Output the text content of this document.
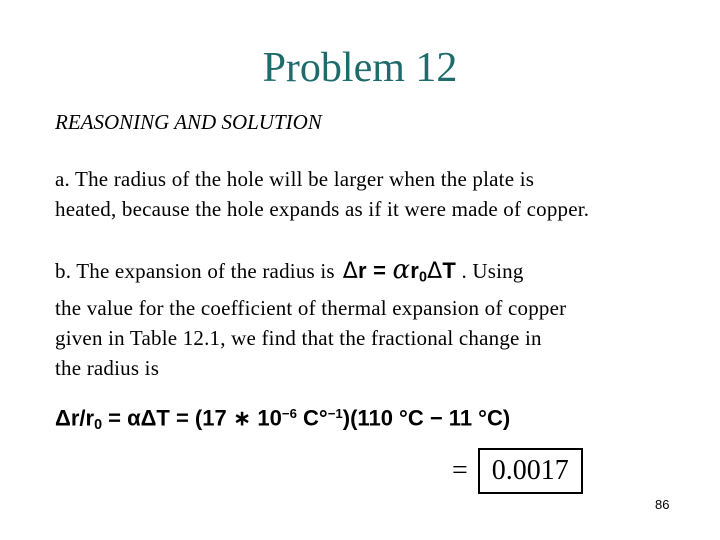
Problem 12
REASONING AND SOLUTION
a. The radius of the hole will be larger when the plate is
heated, because the hole expands as if it were made of copper.
b. The expansion of the radius is $\Delta r = \alpha r_0\Delta T$ . Using
the value for the coefficient of thermal expansion of copper
given in Table 12.1, we find that the fractional change in
the radius is
$\Delta r/r_0 = \alpha\Delta T = (17$ ∗ $10^{-6}$ C°$^{-1}$)(110 °C − 11 °C)
= 0.0017
86
